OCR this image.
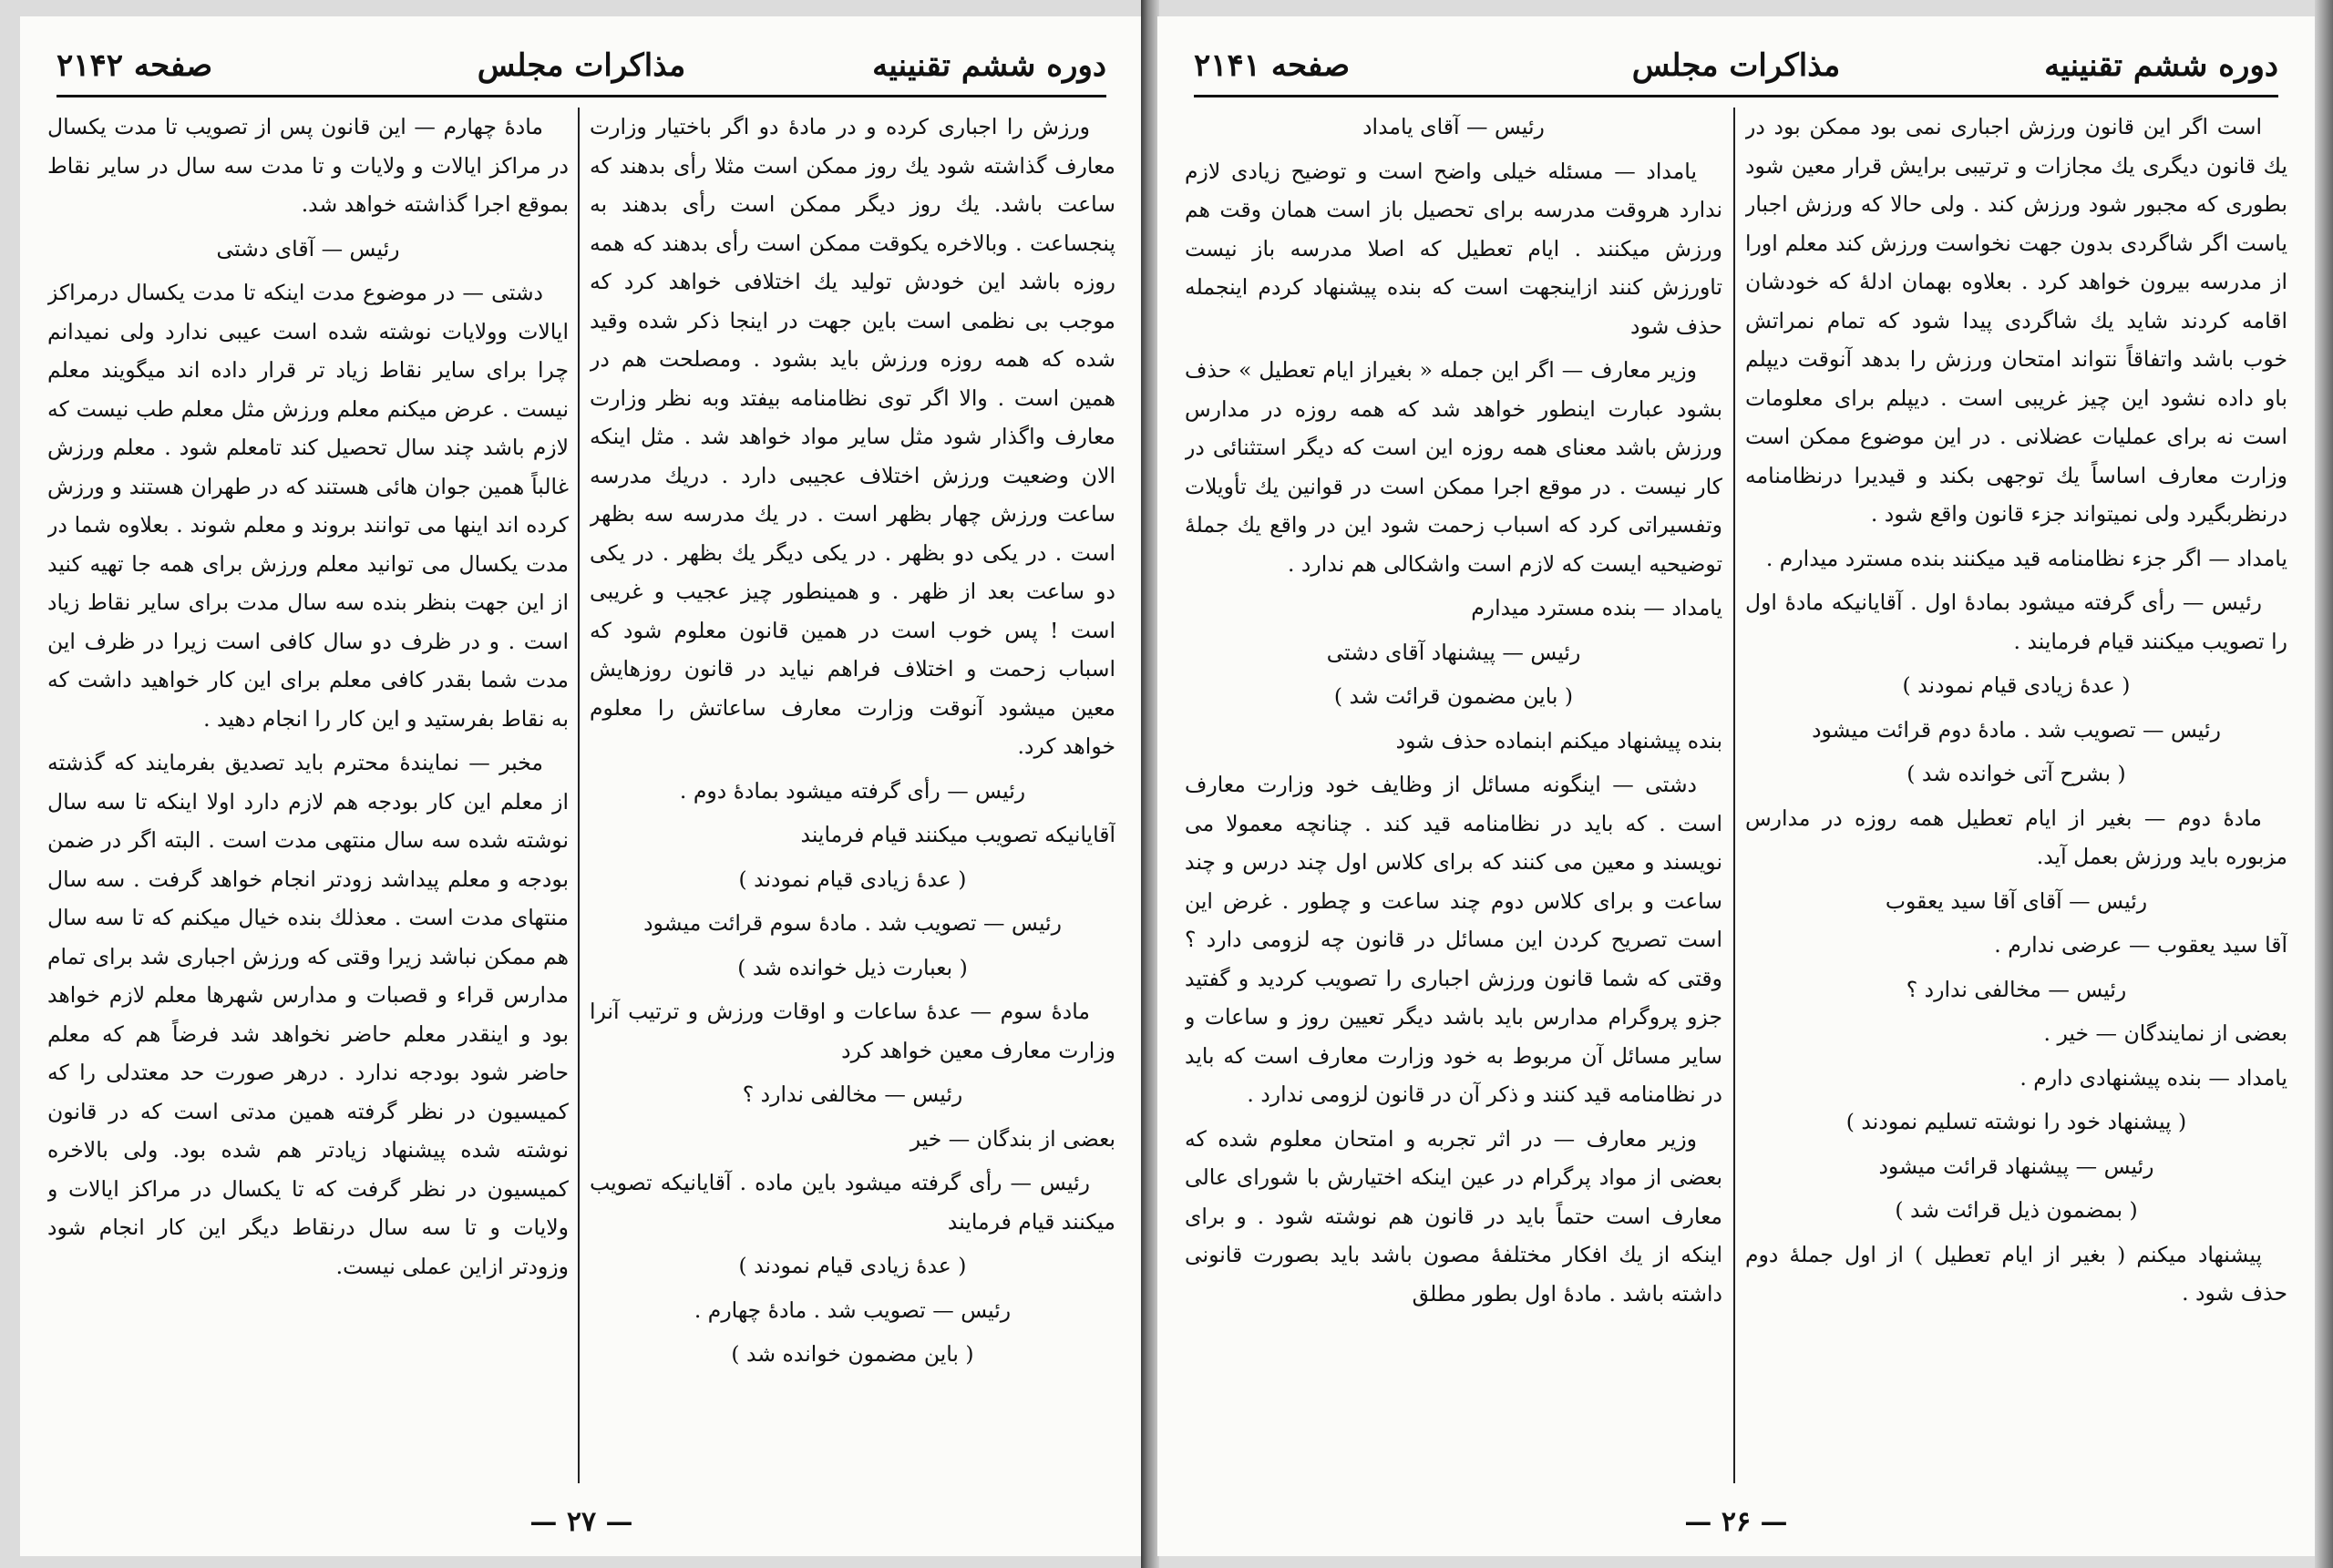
دوره ششم تقنینیه
مذاکرات مجلس
صفحه ۲۱۴۲

ورزش را اجباری کرده و در مادهٔ دو اگر باختیار وزارت معارف گذاشته شود یك روز ممکن است مثلا رأی بدهند که ساعت باشد. یك روز دیگر ممکن است رأی بدهند به پنجساعت . وبالاخره یکوقت ممکن است رأی بدهند که همه روزه باشد این خودش تولید یك اختلافی خواهد کرد که موجب بی نظمی است باین جهت در اینجا ذکر شده وقید شده که همه روزه ورزش باید بشود . ومصلحت هم در همین است . والا اگر توی نظامنامه بیفتد وبه نظر وزارت معارف واگذار شود مثل سایر مواد خواهد شد . مثل اینکه الان وضعیت ورزش اختلاف عجیبی دارد . دریك مدرسه ساعت ورزش چهار بظهر است . در یك مدرسه سه بظهر است . در یکی دو بظهر . در یکی دیگر یك بظهر . در یکی دو ساعت بعد از ظهر . و همینطور چیز عجیب و غریبی است ! پس خوب است در همین قانون معلوم شود که اسباب زحمت و اختلاف فراهم نیاید در قانون روزهایش معین میشود آنوقت وزارت معارف ساعاتش را معلوم خواهد کرد.

رئیس — رأی گرفته میشود بمادهٔ دوم .

آقایانیکه تصویب میکنند قیام فرمایند

( عدهٔ زیادی قیام نمودند )

رئیس — تصویب شد . مادهٔ سوم قرائت میشود

( بعبارت ذیل خوانده شد )

مادهٔ سوم — عدهٔ ساعات و اوقات ورزش و ترتیب آنرا وزارت معارف معین خواهد کرد

رئیس — مخالفی ندارد ؟

بعضی از بندگان — خیر

رئیس — رأی گرفته میشود باین ماده . آقایانیکه تصویب میکنند قیام فرمایند

( عدهٔ زیادی قیام نمودند )

رئیس — تصویب شد . مادهٔ چهارم .

( باین مضمون خوانده شد )

مادهٔ چهارم — این قانون پس از تصویب تا مدت یکسال در مراکز ایالات و ولایات و تا مدت سه سال در سایر نقاط بموقع اجرا گذاشته خواهد شد.

رئیس — آقای دشتی

دشتی — در موضوع مدت اینکه تا مدت یکسال درمراکز ایالات وولایات نوشته شده است عیبی ندارد ولی نمیدانم چرا برای سایر نقاط زیاد تر قرار داده اند میگویند معلم نیست . عرض میکنم معلم ورزش مثل معلم طب نیست که لازم باشد چند سال تحصیل کند تامعلم شود . معلم ورزش غالباً همین جوان هائی هستند که در طهران هستند و ورزش کرده اند اینها می توانند بروند و معلم شوند . بعلاوه شما در مدت یکسال می توانید معلم ورزش برای همه جا تهیه کنید از این جهت بنظر بنده سه سال مدت برای سایر نقاط زیاد است . و در ظرف دو سال کافی است زیرا در ظرف این مدت شما بقدر کافی معلم برای این کار خواهید داشت که به نقاط بفرستید و این کار را انجام دهید .

مخبر — نمایندهٔ محترم باید تصدیق بفرمایند که گذشته از معلم این کار بودجه هم لازم دارد اولا اینکه تا سه سال نوشته شده سه سال منتهی مدت است . البته اگر در ضمن بودجه و معلم پیداشد زودتر انجام خواهد گرفت . سه سال منتهای مدت است . معذلك بنده خیال میکنم که تا سه سال هم ممکن نباشد زیرا وقتی که ورزش اجباری شد برای تمام مدارس قراء و قصبات و مدارس شهرها معلم لازم خواهد بود و اینقدر معلم حاضر نخواهد شد فرضاً هم که معلم حاضر شود بودجه ندارد . درهر صورت حد معتدلی را که کمیسیون در نظر گرفته همین مدتی است که در قانون نوشته شده پیشنهاد زیادتر هم شده بود. ولی بالاخره کمیسیون در نظر گرفت که تا یکسال در مراکز ایالات و ولایات و تا سه سال درنقاط دیگر این کار انجام شود وزودتر ازاین عملی نیست.

— ۲۷ —
دوره ششم تقنینیه
مذاکرات مجلس
صفحه ۲۱۴۱

است اگر این قانون ورزش اجباری نمی بود ممکن بود در یك قانون دیگری یك مجازات و ترتیبی برایش قرار معین شود بطوری که مجبور شود ورزش کند . ولی حالا که ورزش اجبار یاست اگر شاگردی بدون جهت نخواست ورزش کند معلم اورا از مدرسه بیرون خواهد کرد . بعلاوه بهمان ادلهٔ که خودشان اقامه کردند شاید یك شاگردی پیدا شود که تمام نمراتش خوب باشد واتفاقاً نتواند امتحان ورزش را بدهد آنوقت دیپلم باو داده نشود این چیز غریبی است . دیپلم برای معلومات است نه برای عملیات عضلانی . در این موضوع ممکن است وزارت معارف اساساً یك توجهی بکند و قیدیرا درنظامنامه درنظربگیرد ولی نمیتواند جزء قانون واقع شود .

یامداد — اگر جزء نظامنامه قید میکنند بنده مسترد میدارم .

رئیس — رأی گرفته میشود بمادهٔ اول . آقایانیکه مادهٔ اول را تصویب میکنند قیام فرمایند .

( عدهٔ زیادی قیام نمودند )

رئیس — تصویب شد . مادهٔ دوم قرائت میشود

( بشرح آتی خوانده شد )

مادهٔ دوم — بغیر از ایام تعطیل همه روزه در مدارس مزبوره باید ورزش بعمل آید.

رئیس — آقای آقا سید یعقوب

آقا سید یعقوب — عرضی ندارم .

رئیس — مخالفی ندارد ؟

بعضی از نمایندگان — خیر .

یامداد — بنده پیشنهادی دارم .

( پیشنهاد خود را نوشته تسلیم نمودند )

رئیس — پیشنهاد قرائت میشود

( بمضمون ذیل قرائت شد )

پیشنهاد میکنم ( بغیر از ایام تعطیل ) از اول جملهٔ دوم حذف شود .

رئیس — آقای یامداد

یامداد — مسئله خیلی واضح است و توضیح زیادی لازم ندارد هروقت مدرسه برای تحصیل باز است همان وقت هم ورزش میکنند . ایام تعطیل که اصلا مدرسه باز نیست تاورزش کنند ازاینجهت است که بنده پیشنهاد کردم اینجمله حذف شود

وزیر معارف — اگر این جمله « بغیراز ایام تعطیل » حذف بشود عبارت اینطور خواهد شد که همه روزه در مدارس ورزش باشد معنای همه روزه این است که دیگر استثنائی در کار نیست . در موقع اجرا ممکن است در قوانین یك تأویلات وتفسیراتی کرد که اسباب زحمت شود این در واقع یك جملهٔ توضیحیه ایست که لازم است واشکالی هم ندارد .

یامداد — بنده مسترد میدارم

رئیس — پیشنهاد آقای دشتی

( باین مضمون قرائت شد )

بنده پیشنهاد میکنم ابنماده حذف شود

دشتی — اینگونه مسائل از وظایف خود وزارت معارف است . که باید در نظامنامه قید کند . چنانچه معمولا می نویسند و معین می کنند که برای کلاس اول چند درس و چند ساعت و برای کلاس دوم چند ساعت و چطور . غرض این است تصریح کردن این مسائل در قانون چه لزومی دارد ؟ وقتی که شما قانون ورزش اجباری را تصویب کردید و گفتید جزو پروگرام مدارس باید باشد دیگر تعیین روز و ساعات و سایر مسائل آن مربوط به خود وزارت معارف است که باید در نظامنامه قید کنند و ذکر آن در قانون لزومی ندارد .

وزیر معارف — در اثر تجربه و امتحان معلوم شده که بعضی از مواد پرگرام در عین اینکه اختیارش با شورای عالی معارف است حتماً باید در قانون هم نوشته شود . و برای اینکه از یك افکار مختلفهٔ مصون باشد باید بصورت قانونی داشته باشد . مادهٔ اول بطور مطلق

— ۲۶ —
